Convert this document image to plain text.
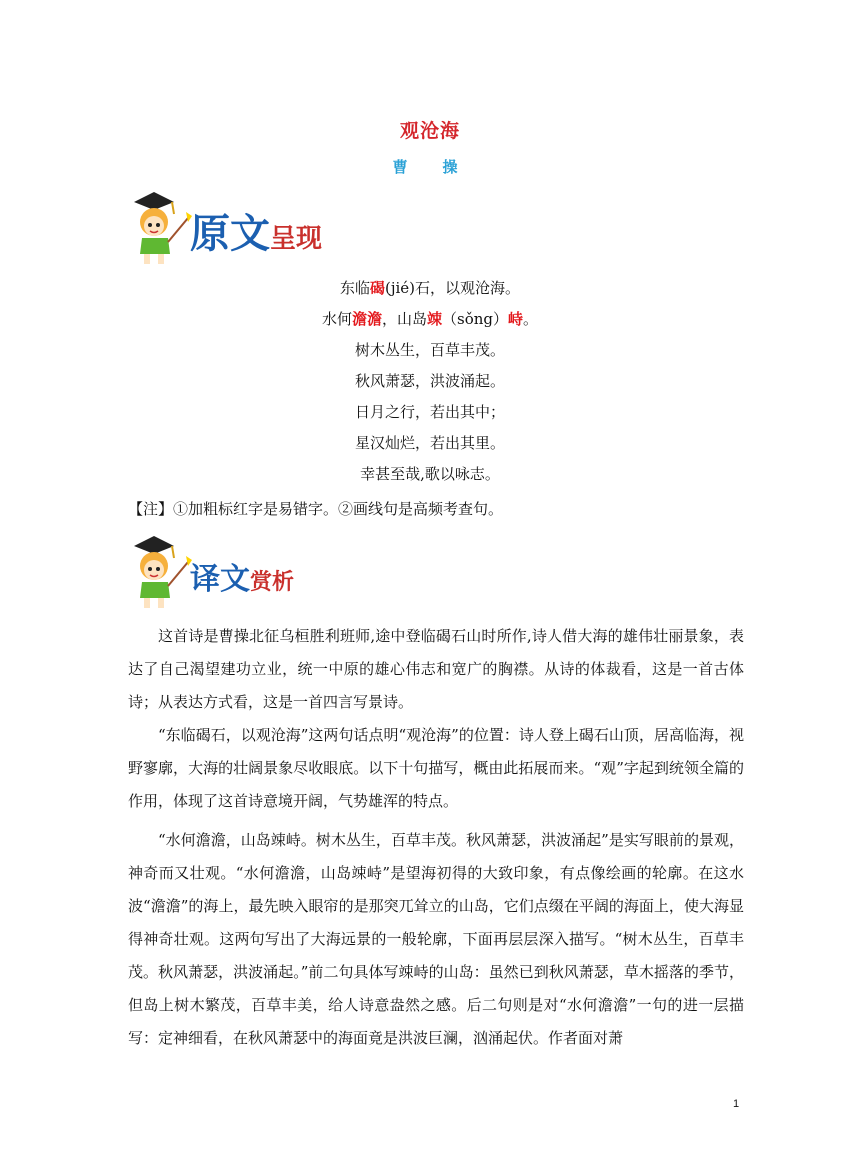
观沧海
曹　操
原文呈现
东临碣(jié)石，以观沧海。
水何澹澹，山岛竦（sǒng）峙。
树木丛生，百草丰茂。
秋风萧瑟，洪波涌起。
日月之行，若出其中；
星汉灿烂，若出其里。
幸甚至哉,歌以咏志。
【注】①加粗标红字是易错字。②画线句是高频考查句。
译文赏析

这首诗是曹操北征乌桓胜利班师,途中登临碣石山时所作,诗人借大海的雄伟壮丽景象，表达了自己渴望建功立业，统一中原的雄心伟志和宽广的胸襟。从诗的体裁看，这是一首古体诗；从表达方式看，这是一首四言写景诗。

“东临碣石，以观沧海”这两句话点明“观沧海”的位置：诗人登上碣石山顶，居高临海，视野寥廓，大海的壮阔景象尽收眼底。以下十句描写，概由此拓展而来。“观”字起到统领全篇的作用，体现了这首诗意境开阔，气势雄浑的特点。

“水何澹澹，山岛竦峙。树木丛生，百草丰茂。秋风萧瑟，洪波涌起”是实写眼前的景观，神奇而又壮观。“水何澹澹，山岛竦峙”是望海初得的大致印象，有点像绘画的轮廓。在这水波“澹澹”的海上，最先映入眼帘的是那突兀耸立的山岛，它们点缀在平阔的海面上，使大海显得神奇壮观。这两句写出了大海远景的一般轮廓，下面再层层深入描写。“树木丛生，百草丰茂。秋风萧瑟，洪波涌起。”前二句具体写竦峙的山岛：虽然已到秋风萧瑟，草木摇落的季节，但岛上树木繁茂，百草丰美，给人诗意盎然之感。后二句则是对“水何澹澹”一句的进一层描写：定神细看，在秋风萧瑟中的海面竟是洪波巨澜，汹涌起伏。作者面对萧

1
